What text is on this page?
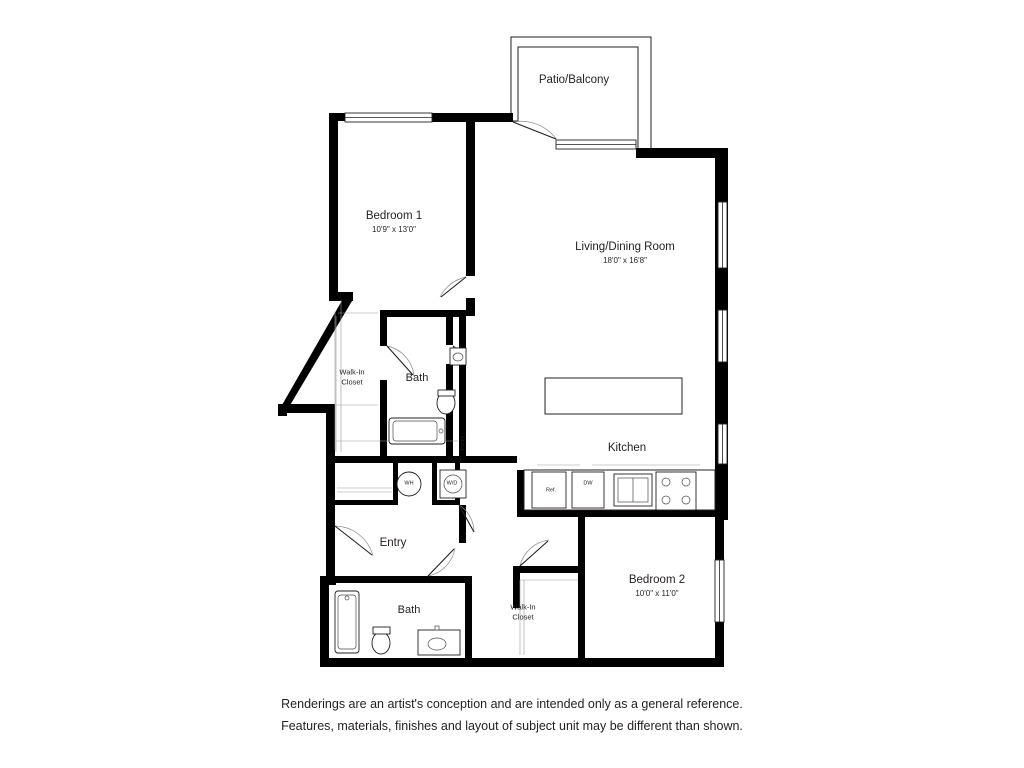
Patio/Balcony
Bedroom 1
10'9" x 13'0"
Living/Dining Room
18'0" x 16'8"
Kitchen
Bedroom 2
10'0" x 11'0"
Entry
Walk-In
Closet	Bath
Bath	Walk-In
Closet
WH	W/D
Ref.
DW
Pantry
Renderings are an artist's conception and are intended only as a general reference.
Features, materials, finishes and layout of subject unit may be different than shown.
